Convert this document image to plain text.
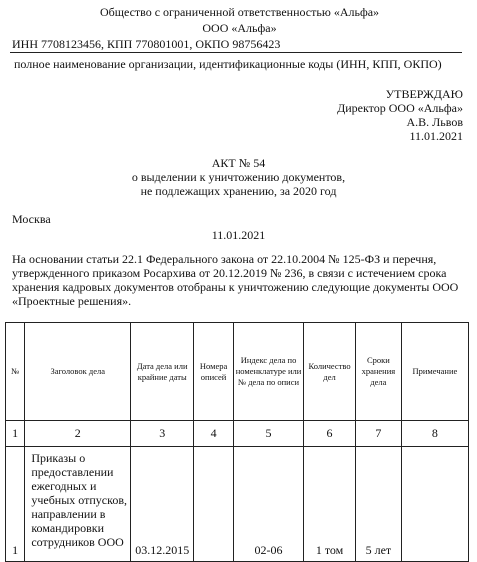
Общество с ограниченной ответственностью «Альфа»
ООО «Альфа»
ИНН 7708123456, КПП 770801001, ОКПО 98756423
полное наименование организации, идентификационные коды (ИНН, КПП, ОКПО)
УТВЕРЖДАЮ
Директор ООО «Альфа»
А.В. Львов
11.01.2021
АКТ № 54
о выделении к уничтожению документов,
не подлежащих хранению, за 2020 год
Москва
11.01.2021
На основании статьи 22.1 Федерального закона от 22.10.2004 № 125-ФЗ и перечня,
утвержденного приказом Росархива от 20.12.2019 № 236, в связи с истечением срока
хранения кадровых документов отобраны к уничтожению следующие документы ООО
«Проектные решения».
№	Заголовок дела	Дата дела или крайние даты	Номера описей	Индекс дела по номенклатуре или № дела по описи	Количество дел	Сроки хранения дела	Примечание
1	2	3	4	5	6	7	8
1	Приказы о предоставлении ежегодных и учебных отпусков, направлении в командировки сотрудников ООО	03.12.2015		02-06	1 том	5 лет	
